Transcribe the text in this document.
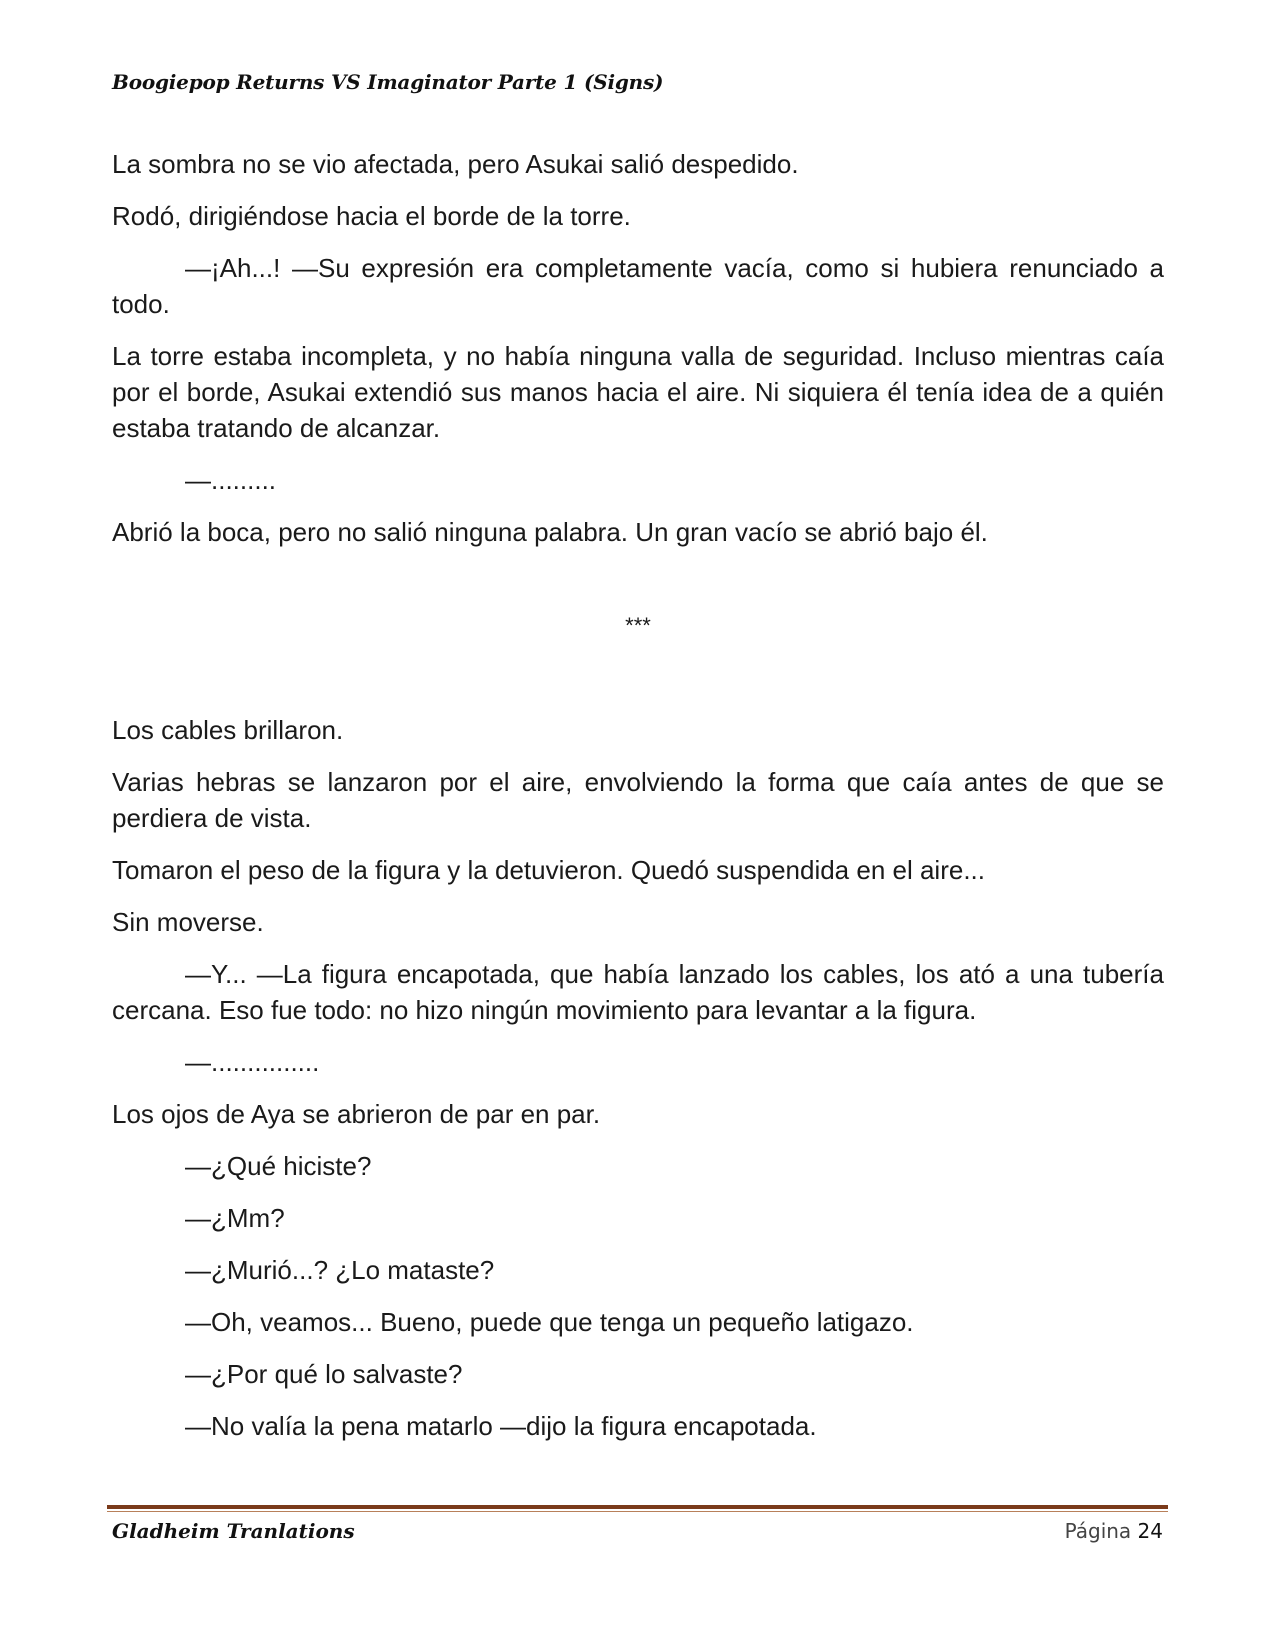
Boogiepop Returns VS Imaginator Parte 1 (Signs)

La sombra no se vio afectada, pero Asukai salió despedido.

Rodó, dirigiéndose hacia el borde de la torre.

—¡Ah...! —Su expresión era completamente vacía, como si hubiera renunciado a todo.

La torre estaba incompleta, y no había ninguna valla de seguridad. Incluso mientras caía por el borde, Asukai extendió sus manos hacia el aire. Ni siquiera él tenía idea de a quién estaba tratando de alcanzar.

—.........

Abrió la boca, pero no salió ninguna palabra. Un gran vacío se abrió bajo él.

***

Los cables brillaron.

Varias hebras se lanzaron por el aire, envolviendo la forma que caía antes de que se perdiera de vista.

Tomaron el peso de la figura y la detuvieron. Quedó suspendida en el aire...

Sin moverse.

—Y... —La figura encapotada, que había lanzado los cables, los ató a una tubería cercana. Eso fue todo: no hizo ningún movimiento para levantar a la figura.

—...............

Los ojos de Aya se abrieron de par en par.

—¿Qué hiciste?

—¿Mm?

—¿Murió...? ¿Lo mataste?

—Oh, veamos... Bueno, puede que tenga un pequeño latigazo.

—¿Por qué lo salvaste?

—No valía la pena matarlo —dijo la figura encapotada.

Gladheim Tranlations	Página 24
